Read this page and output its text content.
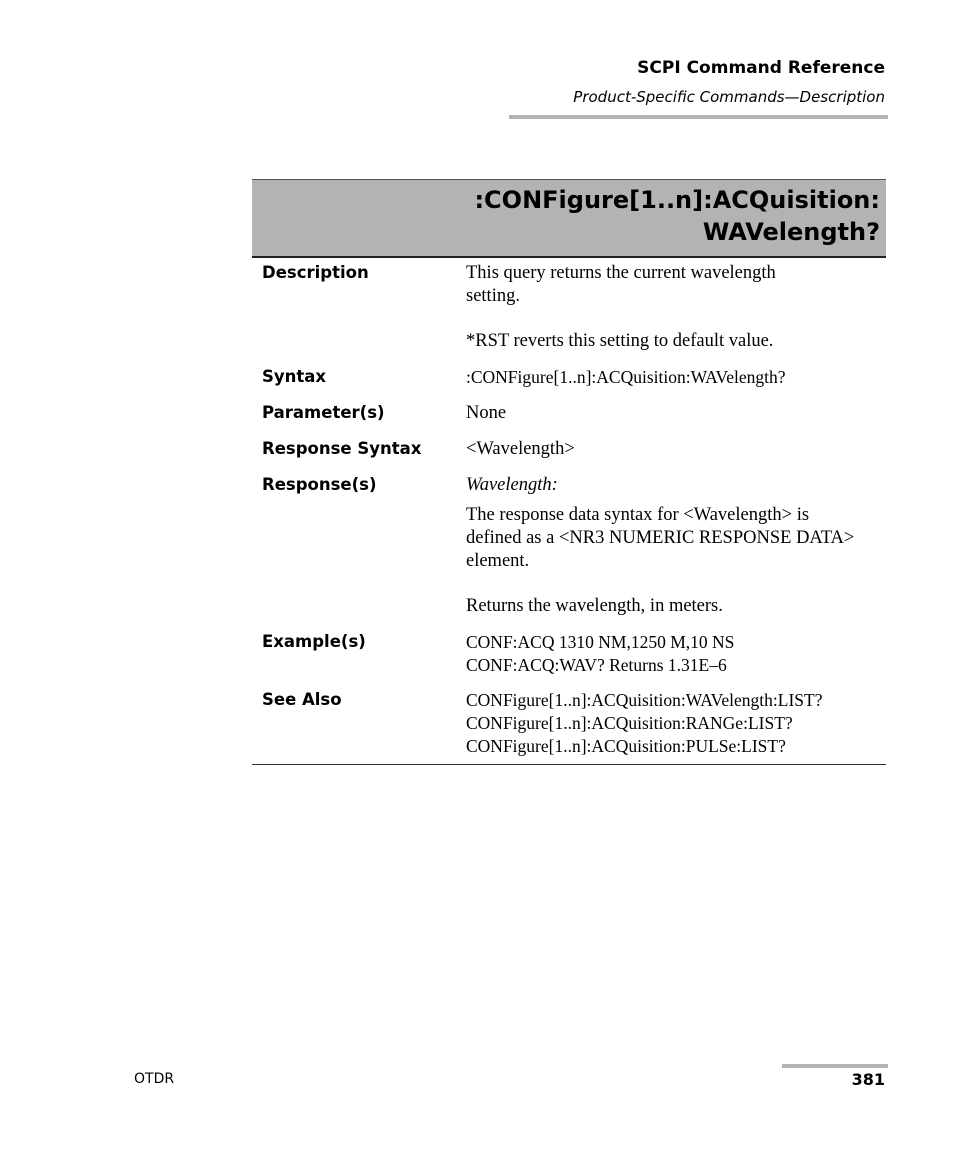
SCPI Command Reference
Product-Specific Commands—Description
:CONFigure[1..n]:ACQuisition:
WAVelength?
Description	This query returns the current wavelength
setting.
*RST reverts this setting to default value.
Syntax	:CONFigure[1..n]:ACQuisition:WAVelength?
Parameter(s)	None
Response Syntax <Wavelength>
Response(s)	Wavelength:
The response data syntax for <Wavelength> is
defined as a <NR3 NUMERIC RESPONSE DATA>
element.
Returns the wavelength, in meters.
Example(s)	CONF:ACQ 1310 NM,1250 M,10 NS
CONF:ACQ:WAV? Returns 1.31E–6
See Also	CONFigure[1..n]:ACQuisition:WAVelength:LIST?
CONFigure[1..n]:ACQuisition:RANGe:LIST?
CONFigure[1..n]:ACQuisition:PULSe:LIST?
OTDR	381
